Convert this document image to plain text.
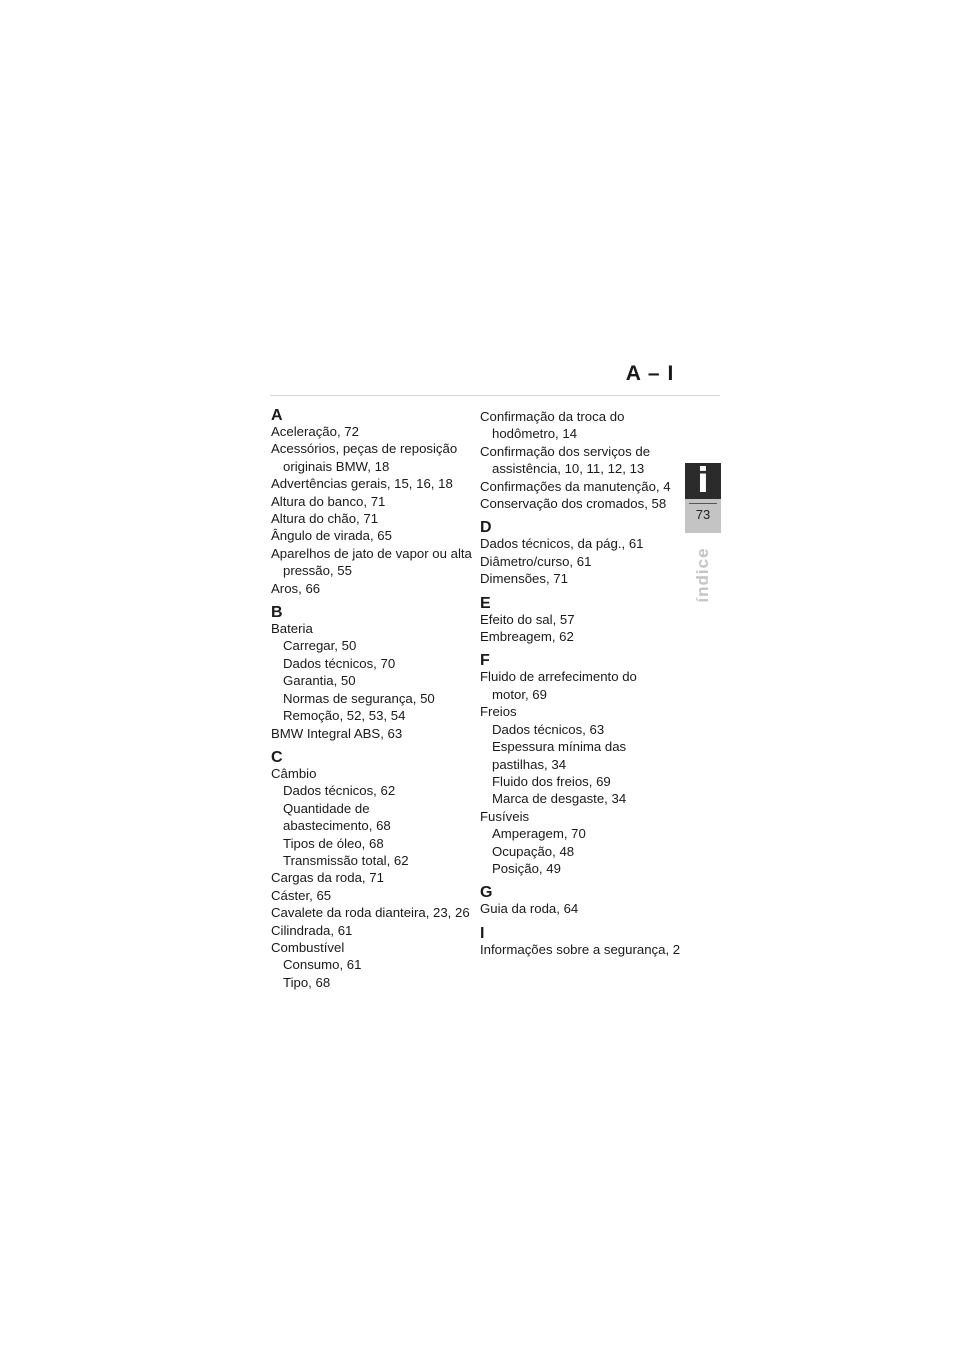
A – I
i
73
índice
A
Aceleração, 72
Acessórios, peças de reposição
originais BMW, 18
Advertências gerais, 15, 16, 18
Altura do banco, 71
Altura do chão, 71
Ângulo de virada, 65
Aparelhos de jato de vapor ou alta
pressão, 55
Aros, 66
B
Bateria
Carregar, 50
Dados técnicos, 70
Garantia, 50
Normas de segurança, 50
Remoção, 52, 53, 54
BMW Integral ABS, 63
C
Câmbio
Dados técnicos, 62
Quantidade de
abastecimento, 68
Tipos de óleo, 68
Transmissão total, 62
Cargas da roda, 71
Cáster, 65
Cavalete da roda dianteira, 23, 26
Cilindrada, 61
Combustível
Consumo, 61
Tipo, 68
Confirmação da troca do
hodômetro, 14
Confirmação dos serviços de
assistência, 10, 11, 12, 13
Confirmações da manutenção, 4
Conservação dos cromados, 58
D
Dados técnicos, da pág., 61
Diâmetro/curso, 61
Dimensões, 71
E
Efeito do sal, 57
Embreagem, 62
F
Fluido de arrefecimento do
motor, 69
Freios
Dados técnicos, 63
Espessura mínima das
pastilhas, 34
Fluido dos freios, 69
Marca de desgaste, 34
Fusíveis
Amperagem, 70
Ocupação, 48
Posição, 49
G
Guia da roda, 64
I
Informações sobre a segurança, 2
